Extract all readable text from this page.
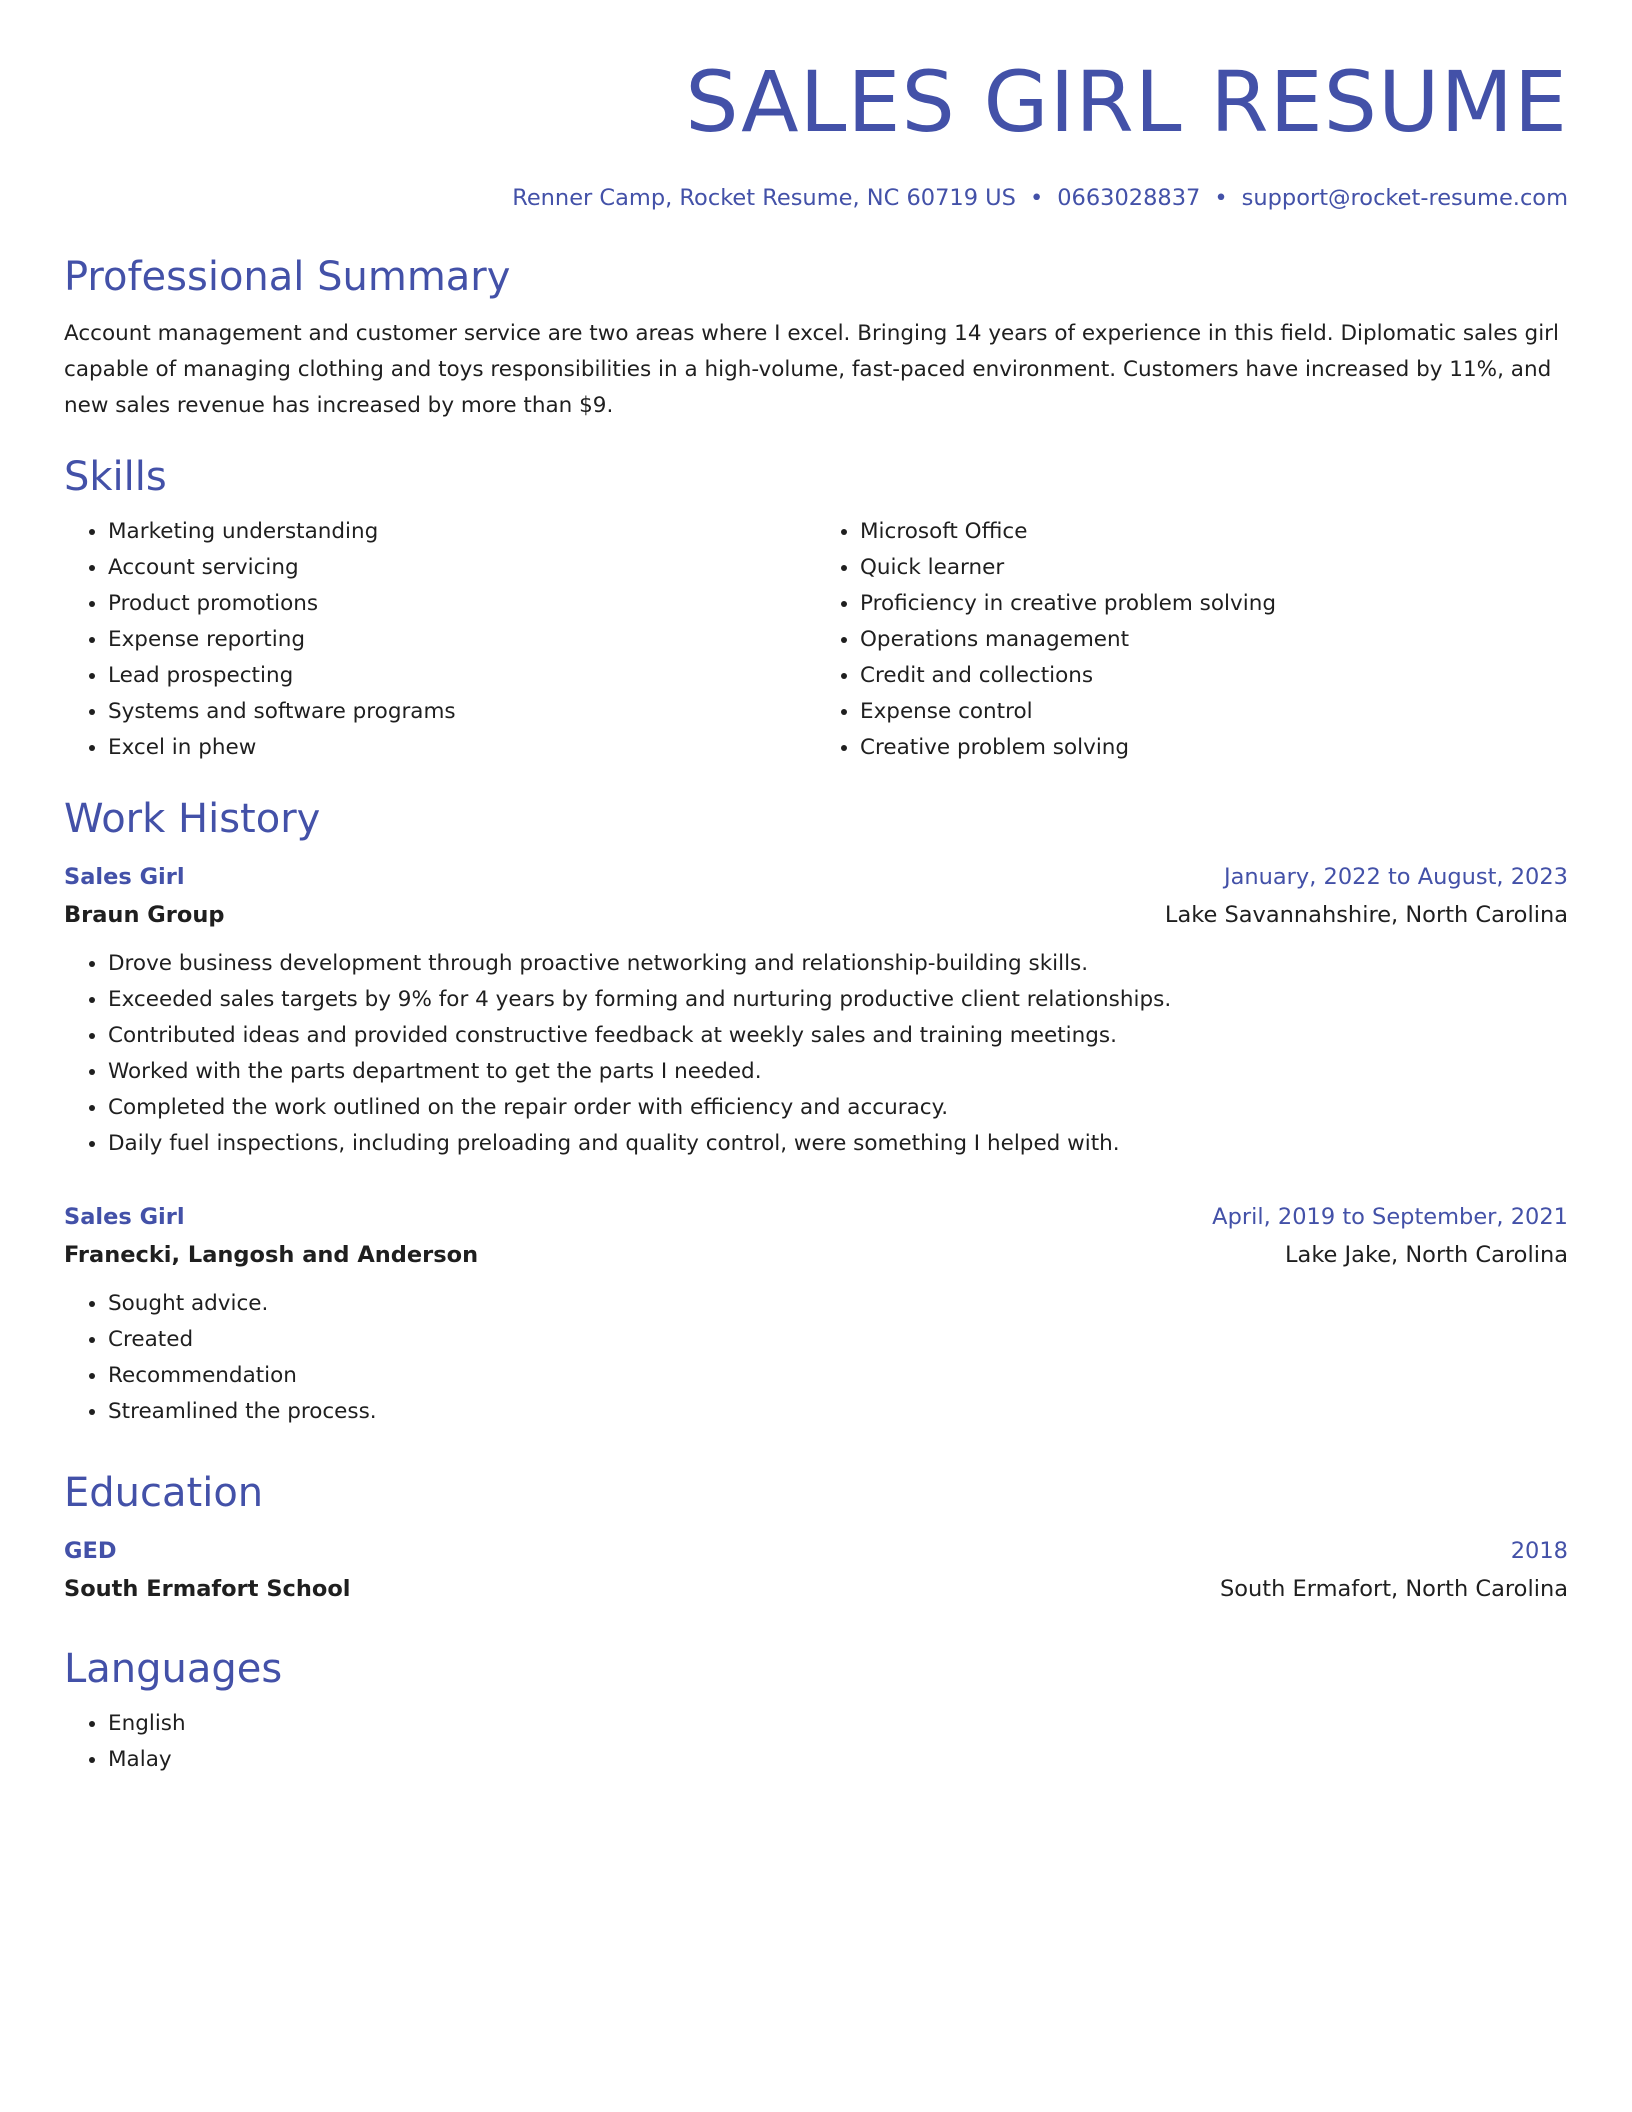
SALES GIRL RESUME
Renner Camp, Rocket Resume, NC 60719 US • 0663028837 • support@rocket-resume.com
Professional Summary
Account management and customer service are two areas where I excel. Bringing 14 years of experience in this field. Diplomatic sales girl capable of managing clothing and toys responsibilities in a high-volume, fast-paced environment. Customers have increased by 11%, and new sales revenue has increased by more than $9.
Skills
• Marketing understanding
• Account servicing
• Product promotions
• Expense reporting
• Lead prospecting
• Systems and software programs
• Excel in phew
• Microsoft Office
• Quick learner
• Proficiency in creative problem solving
• Operations management
• Credit and collections
• Expense control
• Creative problem solving
Work History
Sales Girl	January, 2022 to August, 2023
Braun Group	Lake Savannahshire, North Carolina
• Drove business development through proactive networking and relationship-building skills.
• Exceeded sales targets by 9% for 4 years by forming and nurturing productive client relationships.
• Contributed ideas and provided constructive feedback at weekly sales and training meetings.
• Worked with the parts department to get the parts I needed.
• Completed the work outlined on the repair order with efficiency and accuracy.
• Daily fuel inspections, including preloading and quality control, were something I helped with.
Sales Girl	April, 2019 to September, 2021
Franecki, Langosh and Anderson	Lake Jake, North Carolina
• Sought advice.
• Created
• Recommendation
• Streamlined the process.
Education
GED	2018
South Ermafort School	South Ermafort, North Carolina
Languages
• English
• Malay
